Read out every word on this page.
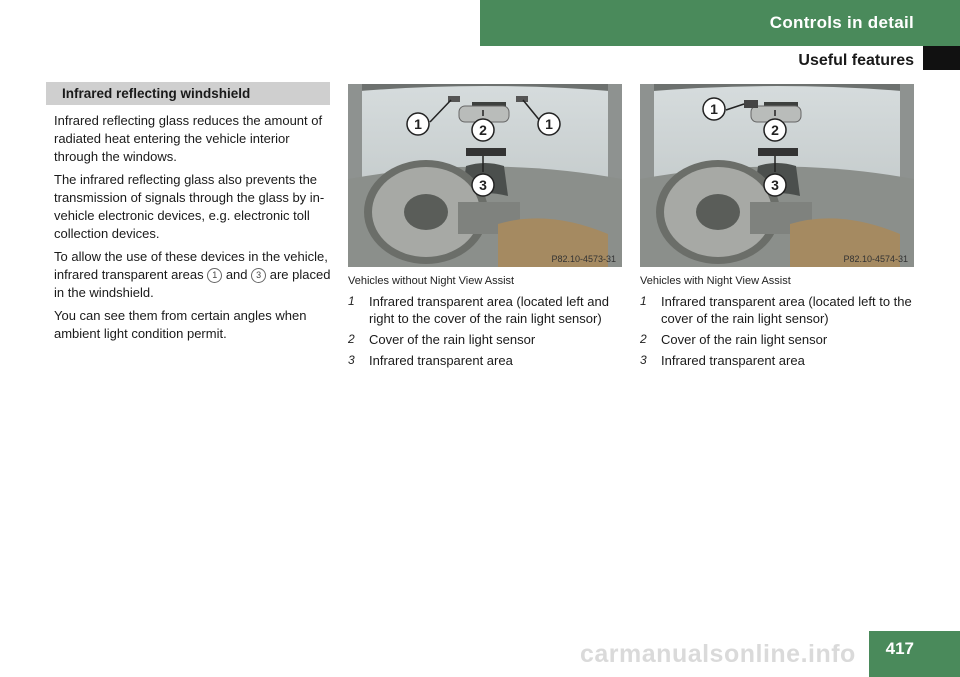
Controls in detail
Useful features
Infrared reflecting windshield

Infrared reflecting glass reduces the amount of radiated heat entering the vehicle interior through the windows.

The infrared reflecting glass also prevents the transmission of signals through the glass by in-vehicle electronic devices, e.g. electronic toll collection devices.

To allow the use of these devices in the vehicle, infrared transparent areas 1 and 3 are placed in the windshield.

You can see them from certain angles when ambient light condition permit.

1	2	1
3
P82.10-4573-31
1
2
3
P82.10-4574-31
Vehicles without Night View Assist
1	Infrared transparent area (located left and right to the cover of the rain light sensor)
2	Cover of the rain light sensor
3	Infrared transparent area
Vehicles with Night View Assist
1	Infrared transparent area (located left to the cover of the rain light sensor)
2	Cover of the rain light sensor
3	Infrared transparent area
carmanualsonline.info	417
